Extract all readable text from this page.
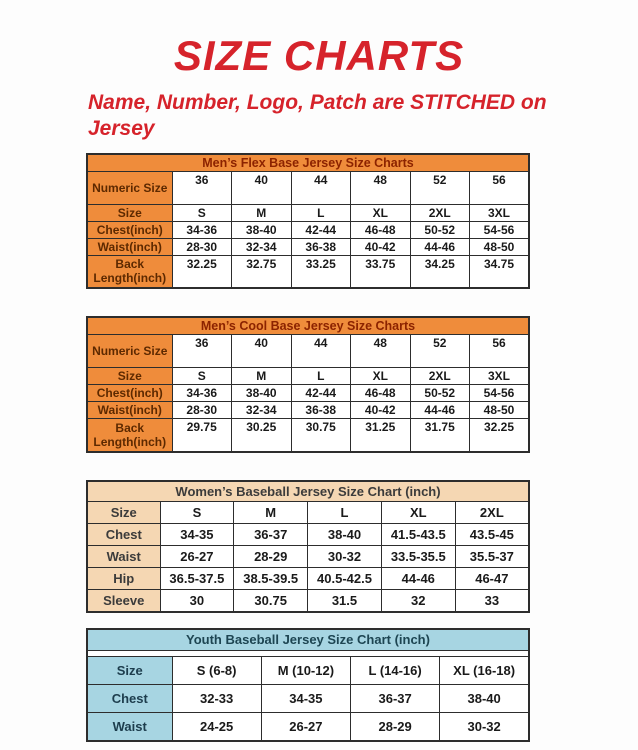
SIZE CHARTS

Name, Number, Logo, Patch are STITCHED on Jersey

Men’s Flex Base Jersey Size Charts						
Numeric Size	36	40	44	48	52	56
Size	S	M	L	XL	2XL	3XL
Chest(inch)	34-36	38-40	42-44	46-48	50-52	54-56
Waist(inch)	28-30	32-34	36-38	40-42	44-46	48-50
Back Length(inch)	32.25	32.75	33.25	33.75	34.25	34.75
Men’s Cool Base Jersey Size Charts						
Numeric Size	36	40	44	48	52	56
Size	S	M	L	XL	2XL	3XL
Chest(inch)	34-36	38-40	42-44	46-48	50-52	54-56
Waist(inch)	28-30	32-34	36-38	40-42	44-46	48-50
Back Length(inch)	29.75	30.25	30.75	31.25	31.75	32.25
Women’s Baseball Jersey Size Chart (inch)					
Size	S	M	L	XL	2XL
Chest	34-35	36-37	38-40	41.5-43.5	43.5-45
Waist	26-27	28-29	30-32	33.5-35.5	35.5-37
Hip	36.5-37.5	38.5-39.5	40.5-42.5	44-46	46-47
Sleeve	30	30.75	31.5	32	33
Youth Baseball Jersey Size Chart (inch)				

Size	S (6-8)	M (10-12)	L (14-16)	XL (16-18)
Chest	32-33	34-35	36-37	38-40
Waist	24-25	26-27	28-29	30-32
